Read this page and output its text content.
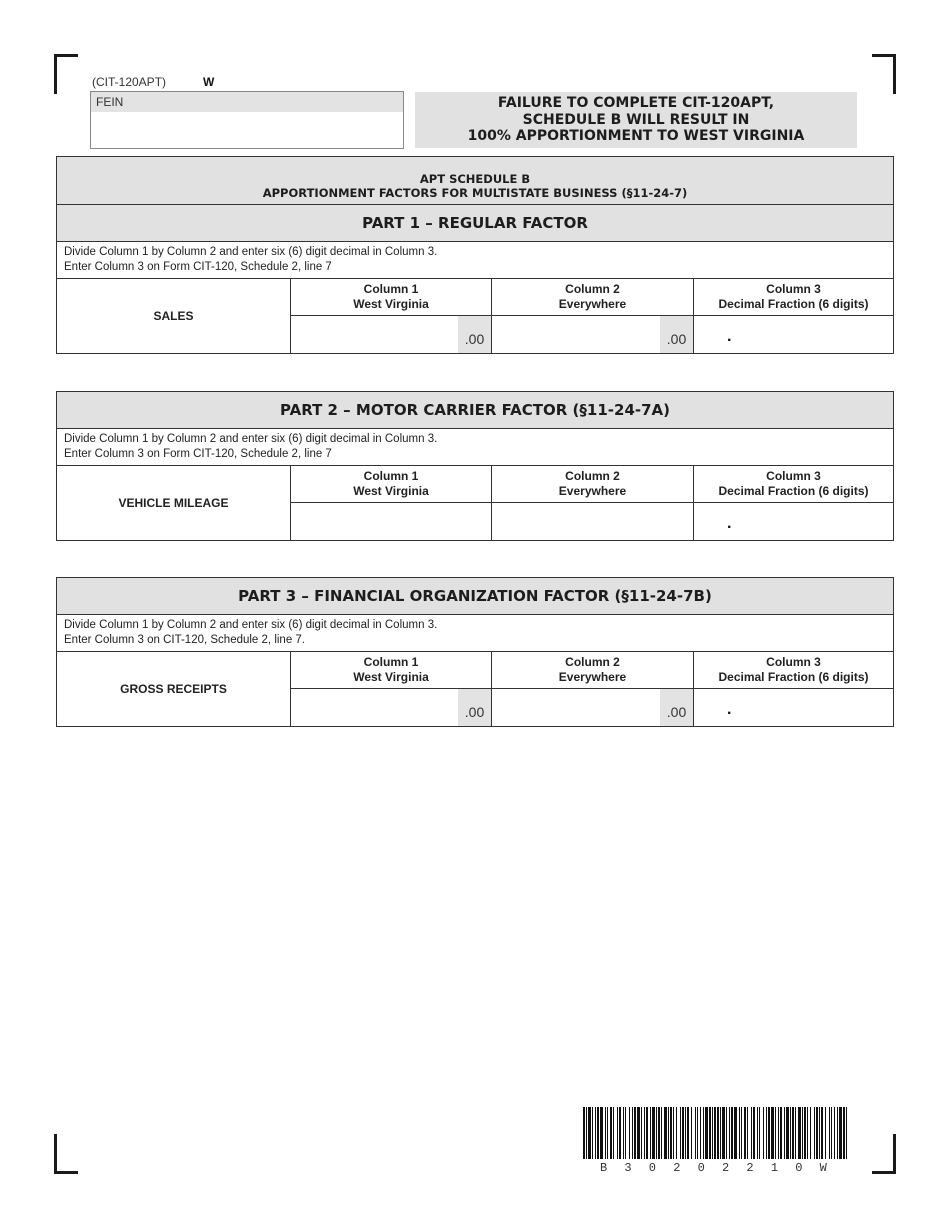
(CIT-120APT)	W
FEIN	FAILURE TO COMPLETE CIT-120APT,
SCHEDULE B WILL RESULT IN
100% APPORTIONMENT TO WEST VIRGINIA
APT SCHEDULE B
APPORTIONMENT FACTORS FOR MULTISTATE BUSINESS (§11-24-7)
PART 1 – REGULAR FACTOR
Divide Column 1 by Column 2 and enter six (6) digit decimal in Column 3.
Enter Column 3 on Form CIT-120, Schedule 2, line 7
SALES
Column 1
West Virginia
.00
Column 2
Everywhere
.00
Column 3
Decimal Fraction (6 digits)
.
PART 2 – MOTOR CARRIER FACTOR (§11-24-7A)
Divide Column 1 by Column 2 and enter six (6) digit decimal in Column 3.
Enter Column 3 on Form CIT-120, Schedule 2, line 7
VEHICLE MILEAGE
Column 1
West Virginia
Column 2
Everywhere
Column 3
Decimal Fraction (6 digits)
.
PART 3 – FINANCIAL ORGANIZATION FACTOR (§11-24-7B)
Divide Column 1 by Column 2 and enter six (6) digit decimal in Column 3.
Enter Column 3 on CIT-120, Schedule 2, line 7.
GROSS RECEIPTS
Column 1
West Virginia
.00
Column 2
Everywhere
.00
Column 3
Decimal Fraction (6 digits)
.
B 3 0 2 0 2 2 1 0 W
